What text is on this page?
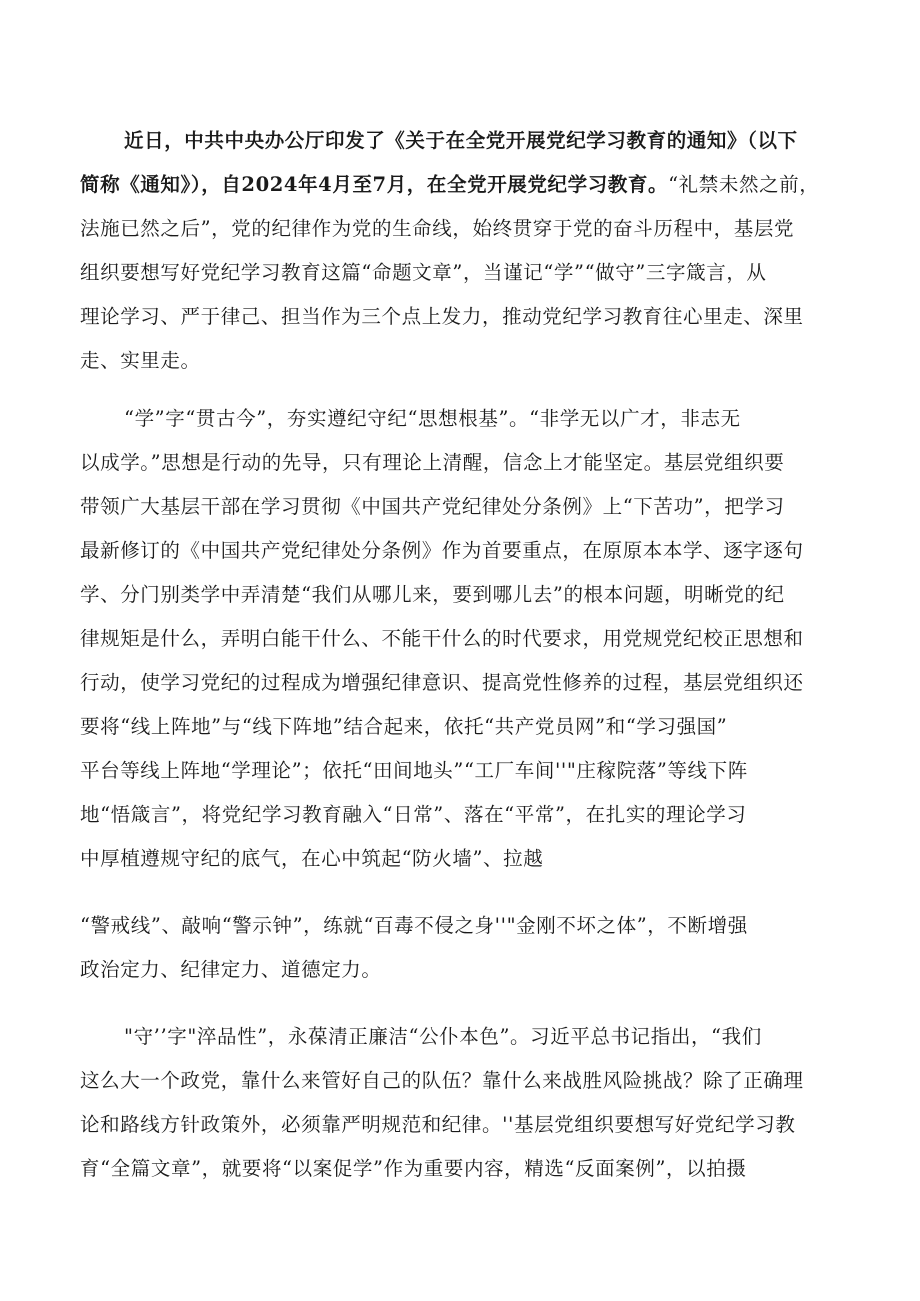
近日，中共中央办公厅印发了《关于在全党开展党纪学习教育的通知》（以下
简称《通知》），自2024年4月至7月，在全党开展党纪学习教育。“礼禁未然之前，
法施已然之后”，党的纪律作为党的生命线，始终贯穿于党的奋斗历程中，基层党
组织要想写好党纪学习教育这篇“命题文章”，当谨记“学”“做守”三字箴言，从
理论学习、严于律己、担当作为三个点上发力，推动党纪学习教育往心里走、深里
走、实里走。
“学”字“贯古今”，夯实遵纪守纪“思想根基”。“非学无以广才，非志无
以成学。”思想是行动的先导，只有理论上清醒，信念上才能坚定。基层党组织要
带领广大基层干部在学习贯彻《中国共产党纪律处分条例》上“下苦功”，把学习
最新修订的《中国共产党纪律处分条例》作为首要重点，在原原本本学、逐字逐句
学、分门别类学中弄清楚“我们从哪儿来，要到哪儿去”的根本问题，明晰党的纪
律规矩是什么，弄明白能干什么、不能干什么的时代要求，用党规党纪校正思想和
行动，使学习党纪的过程成为增强纪律意识、提高党性修养的过程，基层党组织还
要将“线上阵地”与“线下阵地”结合起来，依托“共产党员网”和“学习强国”
平台等线上阵地“学理论”；依托“田间地头”“工厂车间''"庄稼院落”等线下阵
地“悟箴言”，将党纪学习教育融入“日常”、落在“平常”，在扎实的理论学习
中厚植遵规守纪的底气，在心中筑起“防火墙”、拉越
“警戒线”、敲响“警示钟”，练就“百毒不侵之身''"金刚不坏之体”，不断增强
政治定力、纪律定力、道德定力。
"守’’字"淬品性”，永葆清正廉洁“公仆本色”。习近平总书记指出，“我们
这么大一个政党，靠什么来管好自己的队伍？靠什么来战胜风险挑战？除了正确理
论和路线方针政策外，必须靠严明规范和纪律。''基层党组织要想写好党纪学习教
育“全篇文章”，就要将“以案促学”作为重要内容，精选“反面案例”，以拍摄
